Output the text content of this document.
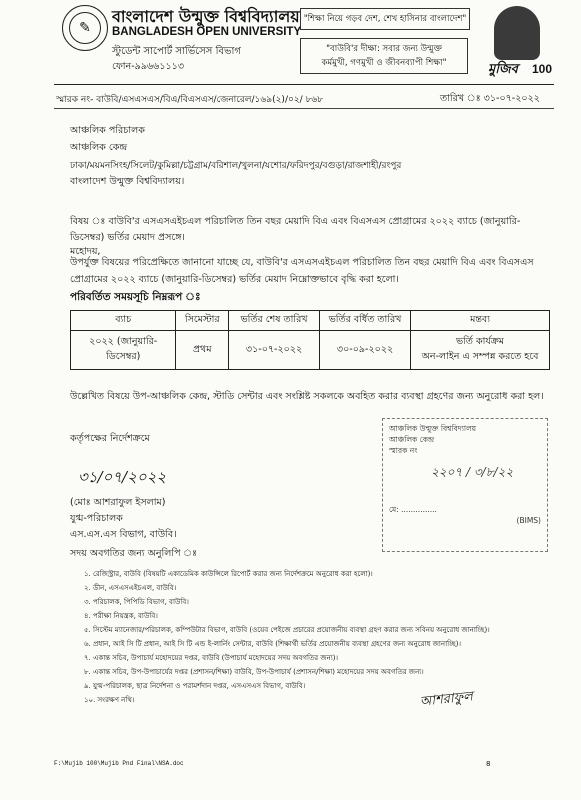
✎
বাংলাদেশ উন্মুক্ত বিশ্ববিদ্যালয়
BANGLADESH OPEN UNIVERSITY
স্টুডেন্ট সাপোর্ট সার্ভিসেস বিভাগ
ফোন-৯৯৬৬১১১৩
"শিক্ষা নিয়ে গড়ব দেশ, শেখ হাসিনার বাংলাদেশ"
"বাউবি'র দীক্ষা: সবার জন্য উন্মুক্ত
কর্মমুখী, গণমুখী ও জীবনব্যাপী শিক্ষা"	মুজিব 100
স্মারক নং- বাউবি/এসএসএস/বিএ/বিএসএস/জেনারেল/১৬৯(২)/০২/ ৮৬৮	তারিখ ঃ ৩১-০৭-২০২২
আঞ্চলিক পরিচালক
আঞ্চলিক কেন্দ্র
ঢাকা/ময়মনসিংহ/সিলেট/কুমিল্লা/চট্টগ্রাম/বরিশাল/খুলনা/যশোর/ফরিদপুর/বগুড়া/রাজশাহী/রংপুর
বাংলাদেশ উন্মুক্ত বিশ্ববিদ্যালয়।
বিষয় ঃ বাউবি'র এসএসএইচএল পরিচালিত তিন বছর মেয়াদি বিএ এবং বিএসএস প্রোগ্রামের ২০২২ ব্যাচে (জানুয়ারি-ডিসেম্বর) ভর্তির মেয়াদ প্রসঙ্গে।
মহোদয়,
উপর্যুক্ত বিষয়ের পরিপ্রেক্ষিতে জানানো যাচ্ছে যে, বাউবি'র এসএসএইচএল পরিচালিত তিন বছর মেয়াদি বিএ এবং বিএসএস প্রোগ্রামের ২০২২ ব্যাচে (জানুয়ারি-ডিসেম্বর) ভর্তির মেয়াদ নিম্নোক্তভাবে বৃদ্ধি করা হলো।
পরিবর্তিত সময়সূচি নিম্নরূপ ঃ
ব্যাচ	সিমেস্টার	ভর্তির শেষ তারিখ	ভর্তির বর্ধিত তারিখ	মন্তব্য
২০২২ (জানুয়ারি-ডিসেম্বর)	প্রথম	৩১-০৭-২০২২	৩০-০৯-২০২২	ভর্তি কার্যক্রম
অন-লাইন এ সম্পন্ন করতে হবে
উল্লেখিত বিষয়ে উপ-আঞ্চলিক কেন্দ্র, স্টাডি সেন্টার এবং সংশ্লিষ্ট সকলকে অবহিত করার ব্যবস্থা গ্রহণের জন্য অনুরোধ করা হল।
কর্তৃপক্ষের নির্দেশক্রমে
আঞ্চলিক উন্মুক্ত বিশ্ববিদ্যালয়
আঞ্চলিক কেন্দ্র
স্মারক নং
২২০৭ / ৩/৮/২২
মে: ...............
(BIMS)
৩১/০৭/২০২২
(মোঃ আশরাফুল ইসলাম)
যুগ্ম-পরিচালক
এস.এস.এস বিভাগ, বাউবি।
সদয় অবগতির জন্য অনুলিপি ঃ
১. রেজিস্ট্রার, বাউবি (বিষয়টি একাডেমিক কাউন্সিলে রিপোর্ট করার জন্য নির্দেশক্রমে অনুরোধ করা হলো)।
২. ডীন, এসএসএইচএল, বাউবি।
৩. পরিচালক, পিপিডি বিভাগ, বাউবি।
৪. পরীক্ষা নিয়ন্ত্রক, বাউবি।
৫. সিস্টেম ম্যানেজার/পরিচালক, কম্পিউটার বিভাগ, বাউবি (ওয়েব পেইজে প্রচারের প্রয়োজনীয় ব্যবস্থা গ্রহণ করার জন্য সবিনয় অনুরোধ জানাচ্ছি)।
৬. প্রধান, আই সি টি প্রধান, আই সি টি এন্ড ই-লার্নিং সেন্টার, বাউবি (শিক্ষার্থী ভর্তির প্রয়োজনীয় ব্যবস্থা গ্রহণের জন্য অনুরোধ জানাচ্ছি)।
৭. একান্ত সচিব, উপাচার্য মহোদয়ের দপ্তর, বাউবি (উপাচার্য মহোদয়ের সদয় অবগতির জন্য)।
৮. একান্ত সচিব, উপ-উপাচার্যের দপ্তর (প্রশাসন/শিক্ষা) বাউবি, উপ-উপাচার্য (প্রশাসন/শিক্ষা) মহোদয়ের সদয় অবগতির জন্য।
৯. যুগ্ম-পরিচালক, ছাত্র নির্দেশনা ও পরামর্শদান দপ্তর, এসএসএস বিভাগ, বাউবি।
১০. সংরক্ষণ নথি।	আশরাফুল
F:\Mujib 100\Mujib Pnd Final\NSA.doc	8
